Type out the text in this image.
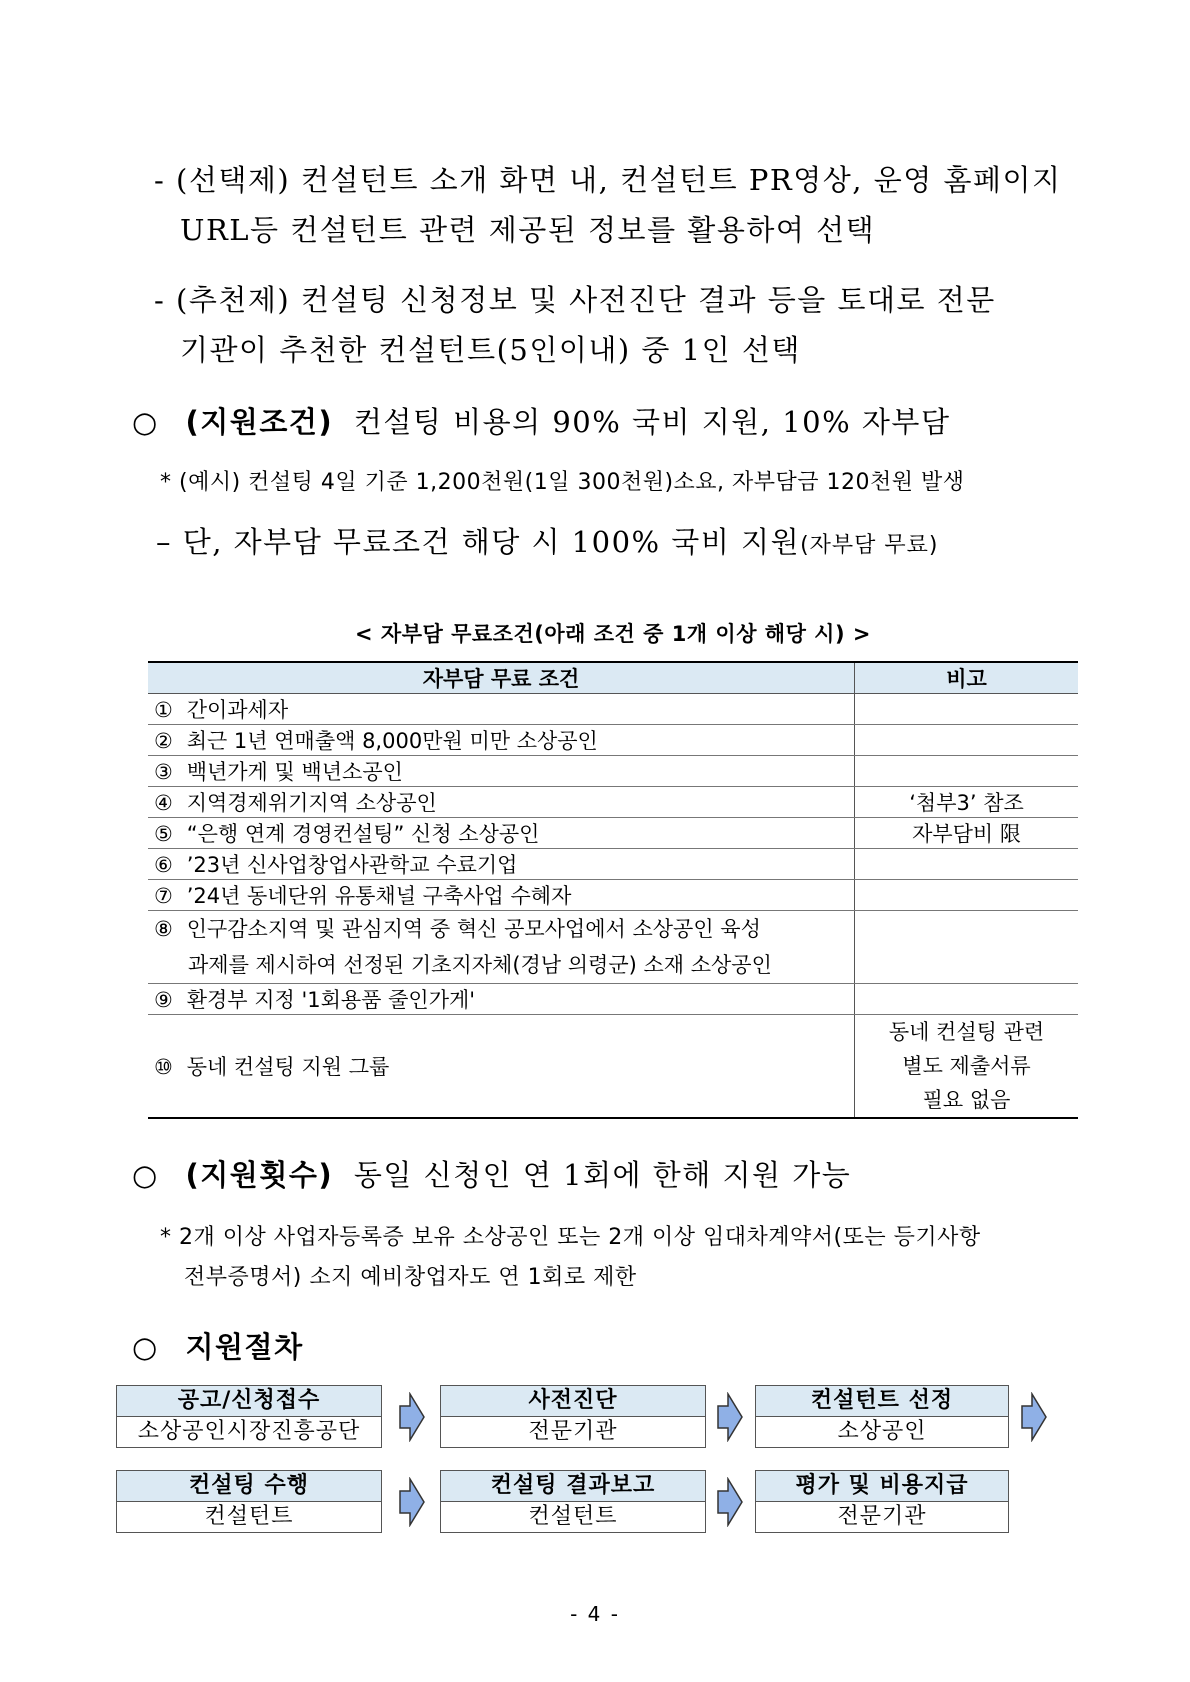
- (선택제) 컨설턴트 소개 화면 내, 컨설턴트 PR영상, 운영 홈페이지
URL등 컨설턴트 관련 제공된 정보를 활용하여 선택
- (추천제) 컨설팅 신청정보 및 사전진단 결과 등을 토대로 전문
기관이 추천한 컨설턴트(5인이내) 중 1인 선택
○ (지원조건) 컨설팅 비용의 90% 국비 지원, 10% 자부담
* (예시) 컨설팅 4일 기준 1,200천원(1일 300천원)소요, 자부담금 120천원 발생
– 단, 자부담 무료조건 해당 시 100% 국비 지원(자부담 무료)
< 자부담 무료조건(아래 조건 중 1개 이상 해당 시) >
자부담 무료 조건	비고
① 간이과세자	
② 최근 1년 연매출액 8,000만원 미만 소상공인	
③ 백년가게 및 백년소공인	
④ 지역경제위기지역 소상공인	‘첨부3’ 참조
⑤ “은행 연계 경영컨설팅” 신청 소상공인	자부담비 限
⑥ ’23년 신사업창업사관학교 수료기업	
⑦ ’24년 동네단위 유통채널 구축사업 수혜자	

⑧ 인구감소지역 및 관심지역 중 혁신 공모사업에서 소상공인 육성
과제를 제시하여 선정된 기초지자체(경남 의령군) 소재 소상공인	

⑨ 환경부 지정 '1회용품 줄인가게'	
⑩ 동네 컨설팅 지원 그룹	동네 컨설팅 관련
별도 제출서류
필요 없음
○ (지원횟수) 동일 신청인 연 1회에 한해 지원 가능
* 2개 이상 사업자등록증 보유 소상공인 또는 2개 이상 임대차계약서(또는 등기사항
전부증명서) 소지 예비창업자도 연 1회로 제한
○ 지원절차
공고/신청접수
소상공인시장진흥공단
사전진단
전문기관
컨설턴트 선정
소상공인
컨설팅 수행
컨설턴트
컨설팅 결과보고
컨설턴트
평가 및 비용지급
전문기관
- 4 -
